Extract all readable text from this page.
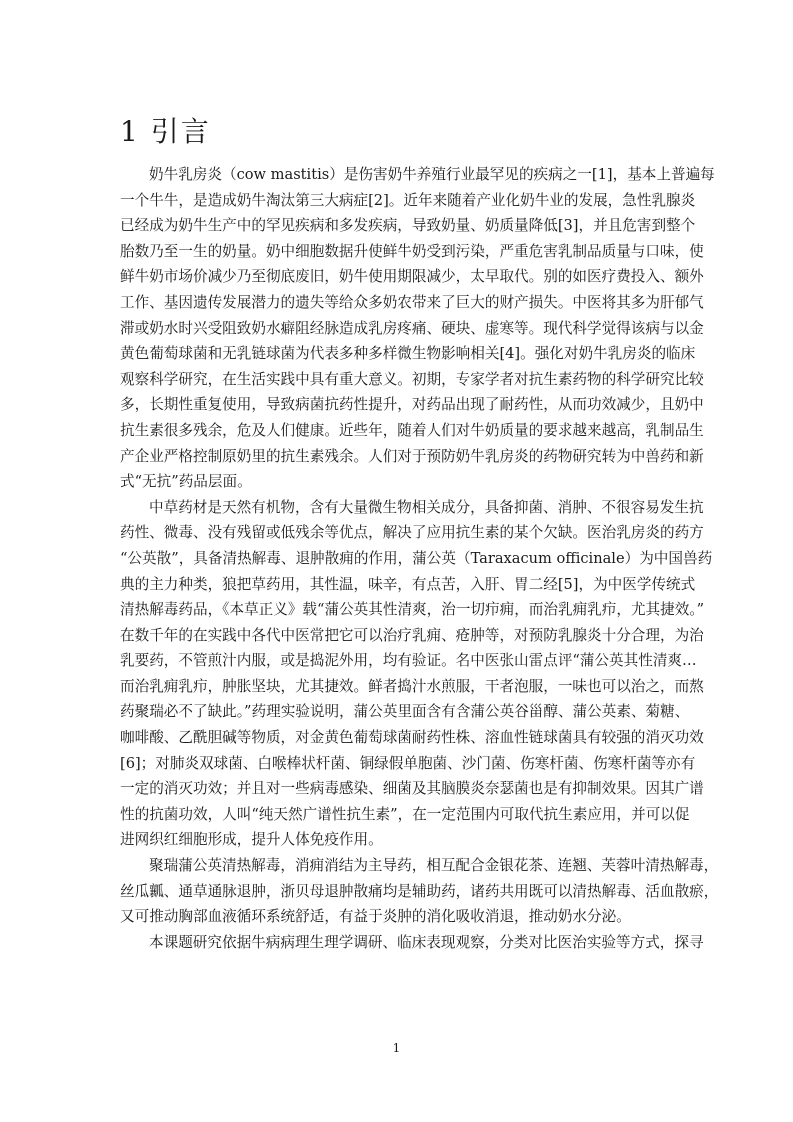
1 引言
奶牛乳房炎（cow mastitis）是伤害奶牛养殖行业最罕见的疾病之一[1]，基本上普遍每
一个牛牛，是造成奶牛淘汰第三大病症[2]。近年来随着产业化奶牛业的发展，急性乳腺炎
已经成为奶牛生产中的罕见疾病和多发疾病，导致奶量、奶质量降低[3]，并且危害到整个
胎数乃至一生的奶量。奶中细胞数据升使鲜牛奶受到污染，严重危害乳制品质量与口味，使
鲜牛奶市场价减少乃至彻底废旧，奶牛使用期限减少，太早取代。别的如医疗费投入、额外
工作、基因遗传发展潜力的遗失等给众多奶农带来了巨大的财产损失。中医将其多为肝郁气
滞或奶水时兴受阻致奶水癖阻经脉造成乳房疼痛、硬块、虚寒等。现代科学觉得该病与以金
黄色葡萄球菌和无乳链球菌为代表多种多样微生物影响相关[4]。强化对奶牛乳房炎的临床
观察科学研究，在生活实践中具有重大意义。初期，专家学者对抗生素药物的科学研究比较
多，长期性重复使用，导致病菌抗药性提升，对药品出现了耐药性，从而功效减少，且奶中
抗生素很多残余，危及人们健康。近些年，随着人们对牛奶质量的要求越来越高，乳制品生
产企业严格控制原奶里的抗生素残余。人们对于预防奶牛乳房炎的药物研究转为中兽药和新
式“无抗”药品层面。
中草药材是天然有机物，含有大量微生物相关成分，具备抑菌、消肿、不很容易发生抗
药性、微毒、没有残留或低残余等优点，解决了应用抗生素的某个欠缺。医治乳房炎的药方
“公英散”，具备清热解毒、退肿散痈的作用，蒲公英（Taraxacum officinale）为中国兽药
典的主力种类，狼把草药用，其性温，味辛，有点苦，入肝、胃二经[5]，为中医学传统式
清热解毒药品，《本草正义》载“蒲公英其性清爽，治一切疖痈，而治乳痈乳疖，尤其捷效。”
在数千年的在实践中各代中医常把它可以治疗乳痈、疮肿等，对预防乳腺炎十分合理，为治
乳要药，不管煎汁内服，或是捣泥外用，均有验证。名中医张山雷点评“蒲公英其性清爽…
而治乳痈乳疖，肿胀坚块，尤其捷效。鲜者捣汁水煎服，干者泡服，一味也可以治之，而熬
药聚瑞必不了缺此。”药理实验说明，蒲公英里面含有含蒲公英谷甾醇、蒲公英素、菊糖、
咖啡酸、乙酰胆碱等物质，对金黄色葡萄球菌耐药性株、溶血性链球菌具有较强的消灭功效
[6]；对肺炎双球菌、白喉棒状杆菌、铜绿假单胞菌、沙门菌、伤寒杆菌、伤寒杆菌等亦有
一定的消灭功效；并且对一些病毒感染、细菌及其脑膜炎奈瑟菌也是有抑制效果。因其广谱
性的抗菌功效，人叫“纯天然广谱性抗生素”，在一定范围内可取代抗生素应用，并可以促
进网织红细胞形成，提升人体免疫作用。
聚瑞蒲公英清热解毒，消痈消结为主导药，相互配合金银花茶、连翘、芙蓉叶清热解毒，
丝瓜瓤、通草通脉退肿，浙贝母退肿散痛均是辅助药，诸药共用既可以清热解毒、活血散瘀，
又可推动胸部血液循环系统舒适，有益于炎肿的消化吸收消退，推动奶水分泌。
本课题研究依据牛病病理生理学调研、临床表现观察，分类对比医治实验等方式，探寻
1
